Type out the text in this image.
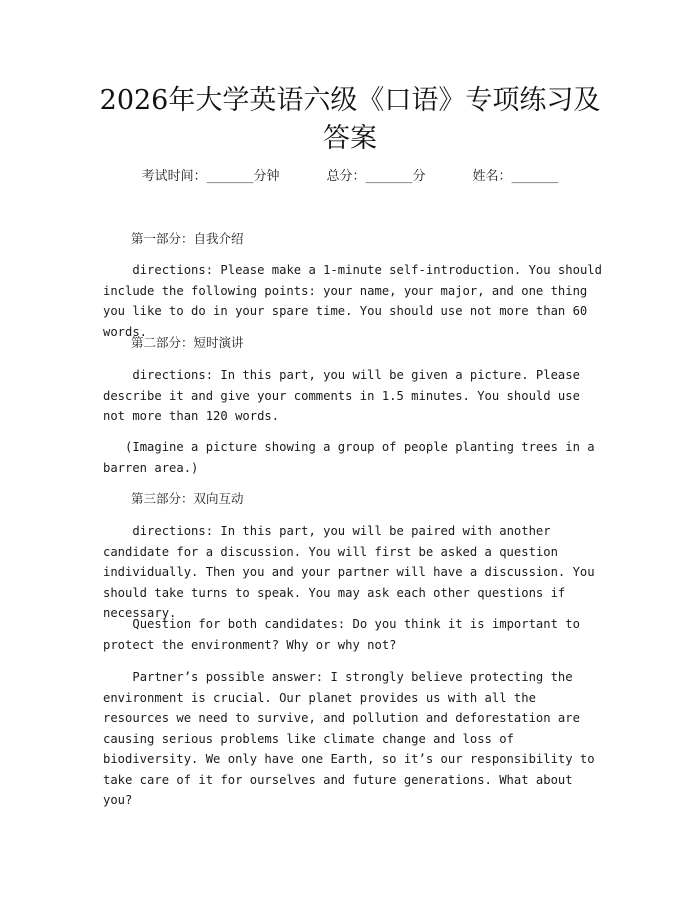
2026年大学英语六级《口语》专项练习及答案
考试时间：______分钟	总分：______分	姓名：______

第一部分：自我介绍

directions: Please make a 1-minute self-introduction. You should include the following points: your name, your major, and one thing you like to do in your spare time. You should use not more than 60 words.

第二部分：短时演讲

directions: In this part, you will be given a picture. Please describe it and give your comments in 1.5 minutes. You should use not more than 120 words.

(Imagine a picture showing a group of people planting trees in a barren area.)

第三部分：双向互动

directions: In this part, you will be paired with another candidate for a discussion. You will first be asked a question individually. Then you and your partner will have a discussion. You should take turns to speak. You may ask each other questions if necessary.

Question for both candidates: Do you think it is important to protect the environment? Why or why not?

Partner’s possible answer: I strongly believe protecting the environment is crucial. Our planet provides us with all the resources we need to survive, and pollution and deforestation are causing serious problems like climate change and loss of biodiversity. We only have one Earth, so it’s our responsibility to take care of it for ourselves and future generations. What about you?
